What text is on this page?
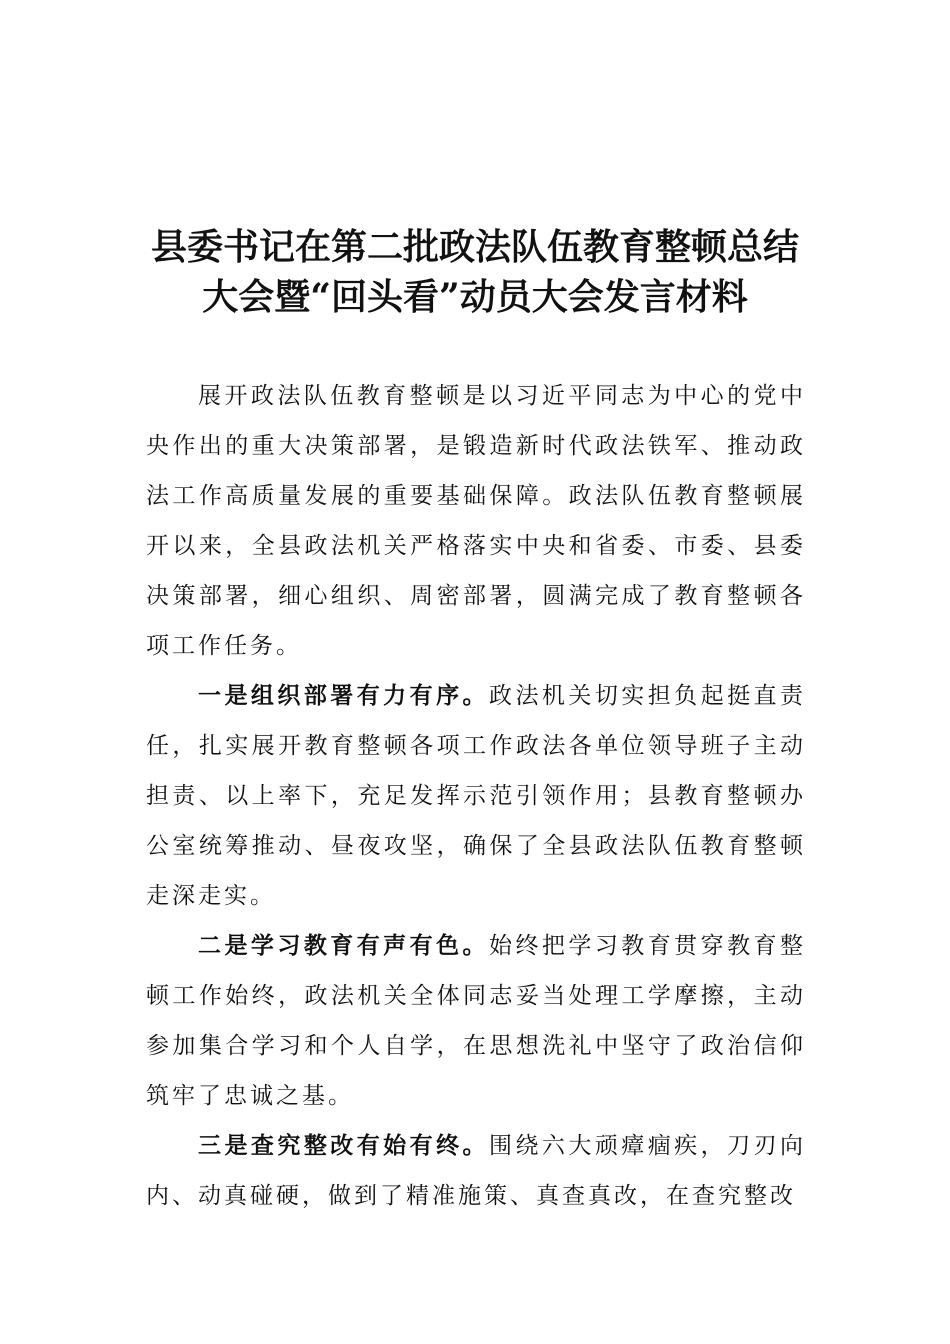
县委书记在第二批政法队伍教育整顿总结
大会暨“回头看”动员大会发言材料

展开政法队伍教育整顿是以习近平同志为中心的党中央作出的重大决策部署，是锻造新时代政法铁军、推动政法工作高质量发展的重要基础保障。政法队伍教育整顿展开以来，全县政法机关严格落实中央和省委、市委、县委决策部署，细心组织、周密部署，圆满完成了教育整顿各项工作任务。

一是组织部署有力有序。政法机关切实担负起挺直责任，扎实展开教育整顿各项工作政法各单位领导班子主动担责、以上率下，充足发挥示范引领作用；县教育整顿办公室统筹推动、昼夜攻坚，确保了全县政法队伍教育整顿走深走实。

二是学习教育有声有色。始终把学习教育贯穿教育整顿工作始终，政法机关全体同志妥当处理工学摩擦，主动参加集合学习和个人自学，在思想洗礼中坚守了政治信仰筑牢了忠诚之基。

三是查究整改有始有终。围绕六大顽瘴痼疾，刀刃向内、动真碰硬，做到了精准施策、真查真改，在查究整改
